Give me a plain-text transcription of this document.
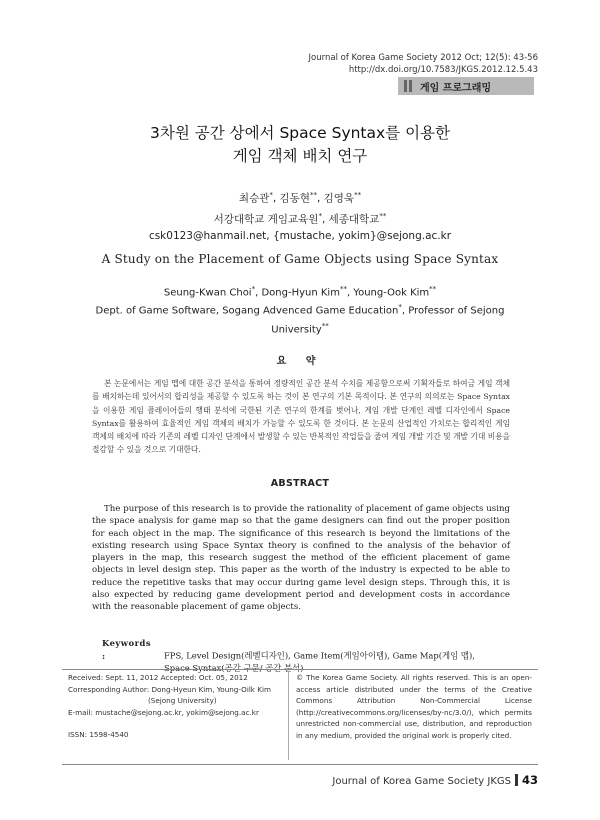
Journal of Korea Game Society 2012 Oct; 12(5): 43-56
http://dx.doi.org/10.7583/JKGS.2012.12.5.43
게임 프로그래밍
3차원 공간 상에서 Space Syntax를 이용한
게임 객체 배치 연구
최승관*, 김동현**, 김영욱**
서강대학교 게임교육원*, 세종대학교**
csk0123@hanmail.net, {mustache, yokim}@sejong.ac.kr
A Study on the Placement of Game Objects using Space Syntax
Seung-Kwan Choi*, Dong-Hyun Kim**, Young-Ook Kim**
Dept. of Game Software, Sogang Advenced Game Education*, Professor of Sejong
University**
요 약
본 논문에서는 게임 맵에 대한 공간 분석을 통하여 정량적인 공간 분석 수치를 제공함으로써 기획자들로 하여금 게임 객체를 배치하는데 있어서의 합리성을 제공할 수 있도록 하는 것이 본 연구의 기본 목적이다. 본 연구의 의의로는 Space Syntax을 이용한 게임 플레이어들의 행태 분석에 국한된 기존 연구의 한계를 벗어나, 게임 개발 단계인 레벨 디자인에서 Space Syntax를 활용하여 효율적인 게임 객체의 배치가 가능할 수 있도록 한 것이다. 본 논문의 산업적인 가치로는 합리적인 게임 객체의 배치에 따라 기존의 레벨 디자인 단계에서 발생할 수 있는 반복적인 작업들을 줄여 게임 개발 기간 및 개발 기대 비용을 절감할 수 있을 것으로 기대한다.
ABSTRACT
The purpose of this research is to provide the rationality of placement of game objects using the space analysis for game map so that the game designers can find out the proper position for each object in the map. The significance of this research is beyond the limitations of the existing research using Space Syntax theory is confined to the analysis of the behavior of players in the map, this research suggest the method of the efficient placement of game objects in level design step. This paper as the worth of the industry is expected to be able to reduce the repetitive tasks that may occur during game level design steps. Through this, it is also expected by reducing game development period and development costs in accordance with the reasonable placement of game objects.
Keywords :	FPS, Level Design(레벨디자인), Game Item(게임아이템), Game Map(게임 맵),
Space Syntax(공간 구문/ 공간 분석)
Received: Sept. 11, 2012 Accepted: Oct. 05, 2012
Corresponding Author: Dong-Hyeun Kim, Young-Oilk Kim
(Sejong University)
E-mail: mustache@sejong.ac.kr, yokim@sejong.ac.kr
ISSN: 1598-4540
© The Korea Game Society. All rights reserved. This is an open-access article distributed under the terms of the Creative Commons Attribution Non-Commercial License (http://creativecommons.org/licenses/by-nc/3.0/), which permits unrestricted non-commercial use, distribution, and reproduction in any medium, provided the original work is properly cited.
Journal of Korea Game Society JKGS 43
